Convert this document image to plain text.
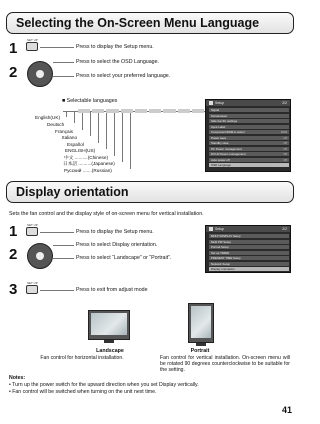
Selecting the On-Screen Menu Language
1	SET UP
Press to display the Setup menu.
2
Press to select the OSD Language.
Press to select your preferred language.
■ Selectable languages
English(UK)
Deutsch
Français
Italiano
Español
ENGLISH(US)
中文 ..........(Chinese)
日本語 ..........(Japanese)
Русский .......(Russian)
Setup	2/2
Signal
Screensaver
Side bar IIC settings
Input Label
Component/RGB-in select	RGB
Power save	Off
Standby save	Off
PC Power management	Off
DVI-D Power management	Off
Auto power off	Off
OSD Language	English (UK)
Display orientation
Sets the fan control and the display style of on-screen menu for vertical installation.
1	SET UP
Press to display the Setup menu.
2
Press to select Display orientation.
Press to select “Landscape” or “Portrait”.
3	SET UP
Press to exit from adjust mode
Setup	2/2
MULTI DISPLAY Setup
Multi PIP Setup
Portrait Setup
Set up TIMER
PRESENT TIME Setup
Network Setup
Display orientation	Landscape
Landscape
Fan control for horizontal installation.
Portrait
Fan control for vertical installation. On-screen menu will be rotated 90 degrees counterclockwise to be suitable for the setting.
Notes:
• Turn up the power switch for the upward direction when you set Display vertically.
• Fan control will be switched when turning on the unit next time.
41
